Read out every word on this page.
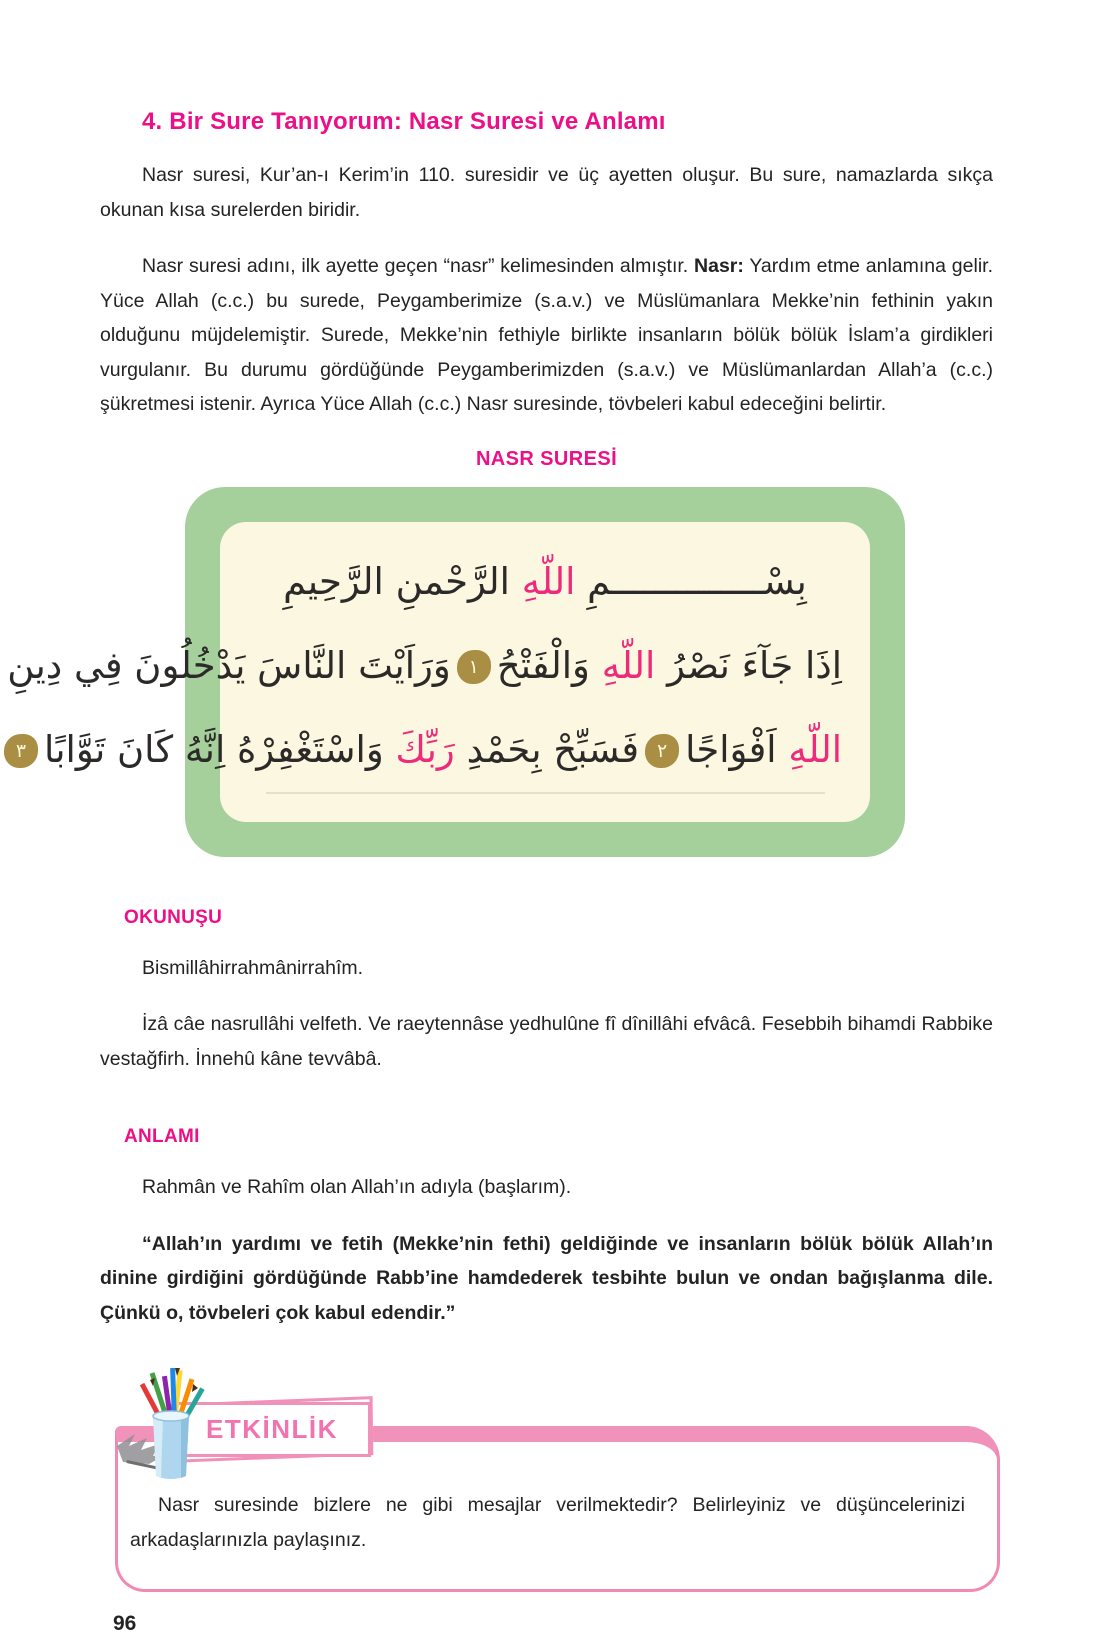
4. Bir Sure Tanıyorum: Nasr Suresi ve Anlamı

Nasr suresi, Kur’an-ı Kerim’in 110. suresidir ve üç ayetten oluşur. Bu sure, namazlarda sıkça okunan kısa surelerden biridir.

Nasr suresi adını, ilk ayette geçen “nasr” kelimesinden almıştır. Nasr: Yardım etme anlamına gelir. Yüce Allah (c.c.) bu surede, Peygamberimize (s.a.v.) ve Müslümanlara Mekke’nin fethinin yakın olduğunu müjdelemiştir. Surede, Mekke’nin fethiyle birlikte insanların bölük bölük İslam’a girdikleri vurgulanır. Bu durumu gördüğünde Peygamberimizden (s.a.v.) ve Müslümanlardan Allah’a (c.c.) şükretmesi istenir. Ayrıca Yüce Allah (c.c.) Nasr suresinde, tövbeleri kabul edeceğini belirtir.

NASR SURESİ
بِسْــــــــــــــمِ اللّهِ الرَّحْمنِ الرَّحِيمِ
اِذَا جَآءَ نَصْرُ اللّهِ وَالْفَتْحُ١وَرَاَيْتَ النَّاسَ يَدْخُلُونَ فِي دِينِ
اللّهِ اَفْوَاجًا٢فَسَبِّحْ بِحَمْدِ رَبِّكَ وَاسْتَغْفِرْهُ اِنَّهُ كَانَ تَوَّابًا٣
OKUNUŞU

Bismillâhirrahmânirrahîm.

İzâ câe nasrullâhi velfeth. Ve raeytennâse yedhulûne fî dînillâhi efvâcâ. Fesebbih bihamdi Rabbike vestağfirh. İnnehû kâne tevvâbâ.

ANLAMI

Rahmân ve Rahîm olan Allah’ın adıyla (başlarım).

“Allah’ın yardımı ve fetih (Mekke’nin fethi) geldiğinde ve insanların bölük bölük Allah’ın dinine girdiğini gördüğünde Rabb’ine hamdederek tesbihte bulun ve ondan bağışlanma dile. Çünkü o, tövbeleri çok kabul edendir.”

ETKİNLİK

Nasr suresinde bizlere ne gibi mesajlar verilmektedir? Belirleyiniz ve düşüncelerinizi arkadaşlarınızla paylaşınız.

96
